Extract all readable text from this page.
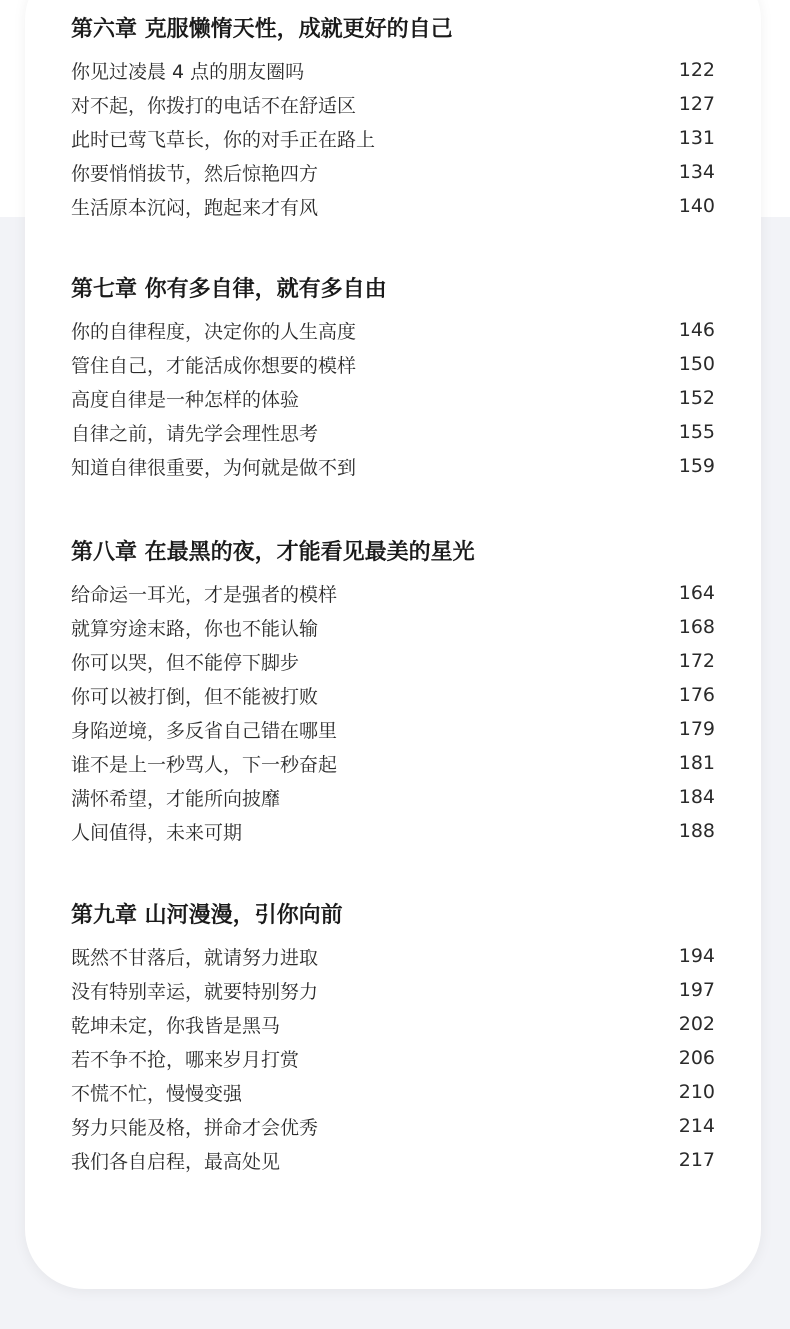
第六章 克服懒惰天性，成就更好的自己
你见过凌晨 4 点的朋友圈吗	122
对不起，你拨打的电话不在舒适区	127
此时已莺飞草长，你的对手正在路上	131
你要悄悄拔节，然后惊艳四方	134
生活原本沉闷，跑起来才有风	140
第七章 你有多自律，就有多自由
你的自律程度，决定你的人生高度	146
管住自己，才能活成你想要的模样	150
高度自律是一种怎样的体验	152
自律之前，请先学会理性思考	155
知道自律很重要，为何就是做不到	159
第八章 在最黑的夜，才能看见最美的星光
给命运一耳光，才是强者的模样	164
就算穷途末路，你也不能认输	168
你可以哭，但不能停下脚步	172
你可以被打倒，但不能被打败	176
身陷逆境，多反省自己错在哪里	179
谁不是上一秒骂人，下一秒奋起	181
满怀希望，才能所向披靡	184
人间值得，未来可期	188
第九章 山河漫漫，引你向前
既然不甘落后，就请努力进取	194
没有特别幸运，就要特别努力	197
乾坤未定，你我皆是黑马	202
若不争不抢，哪来岁月打赏	206
不慌不忙，慢慢变强	210
努力只能及格，拼命才会优秀	214
我们各自启程，最高处见	217
